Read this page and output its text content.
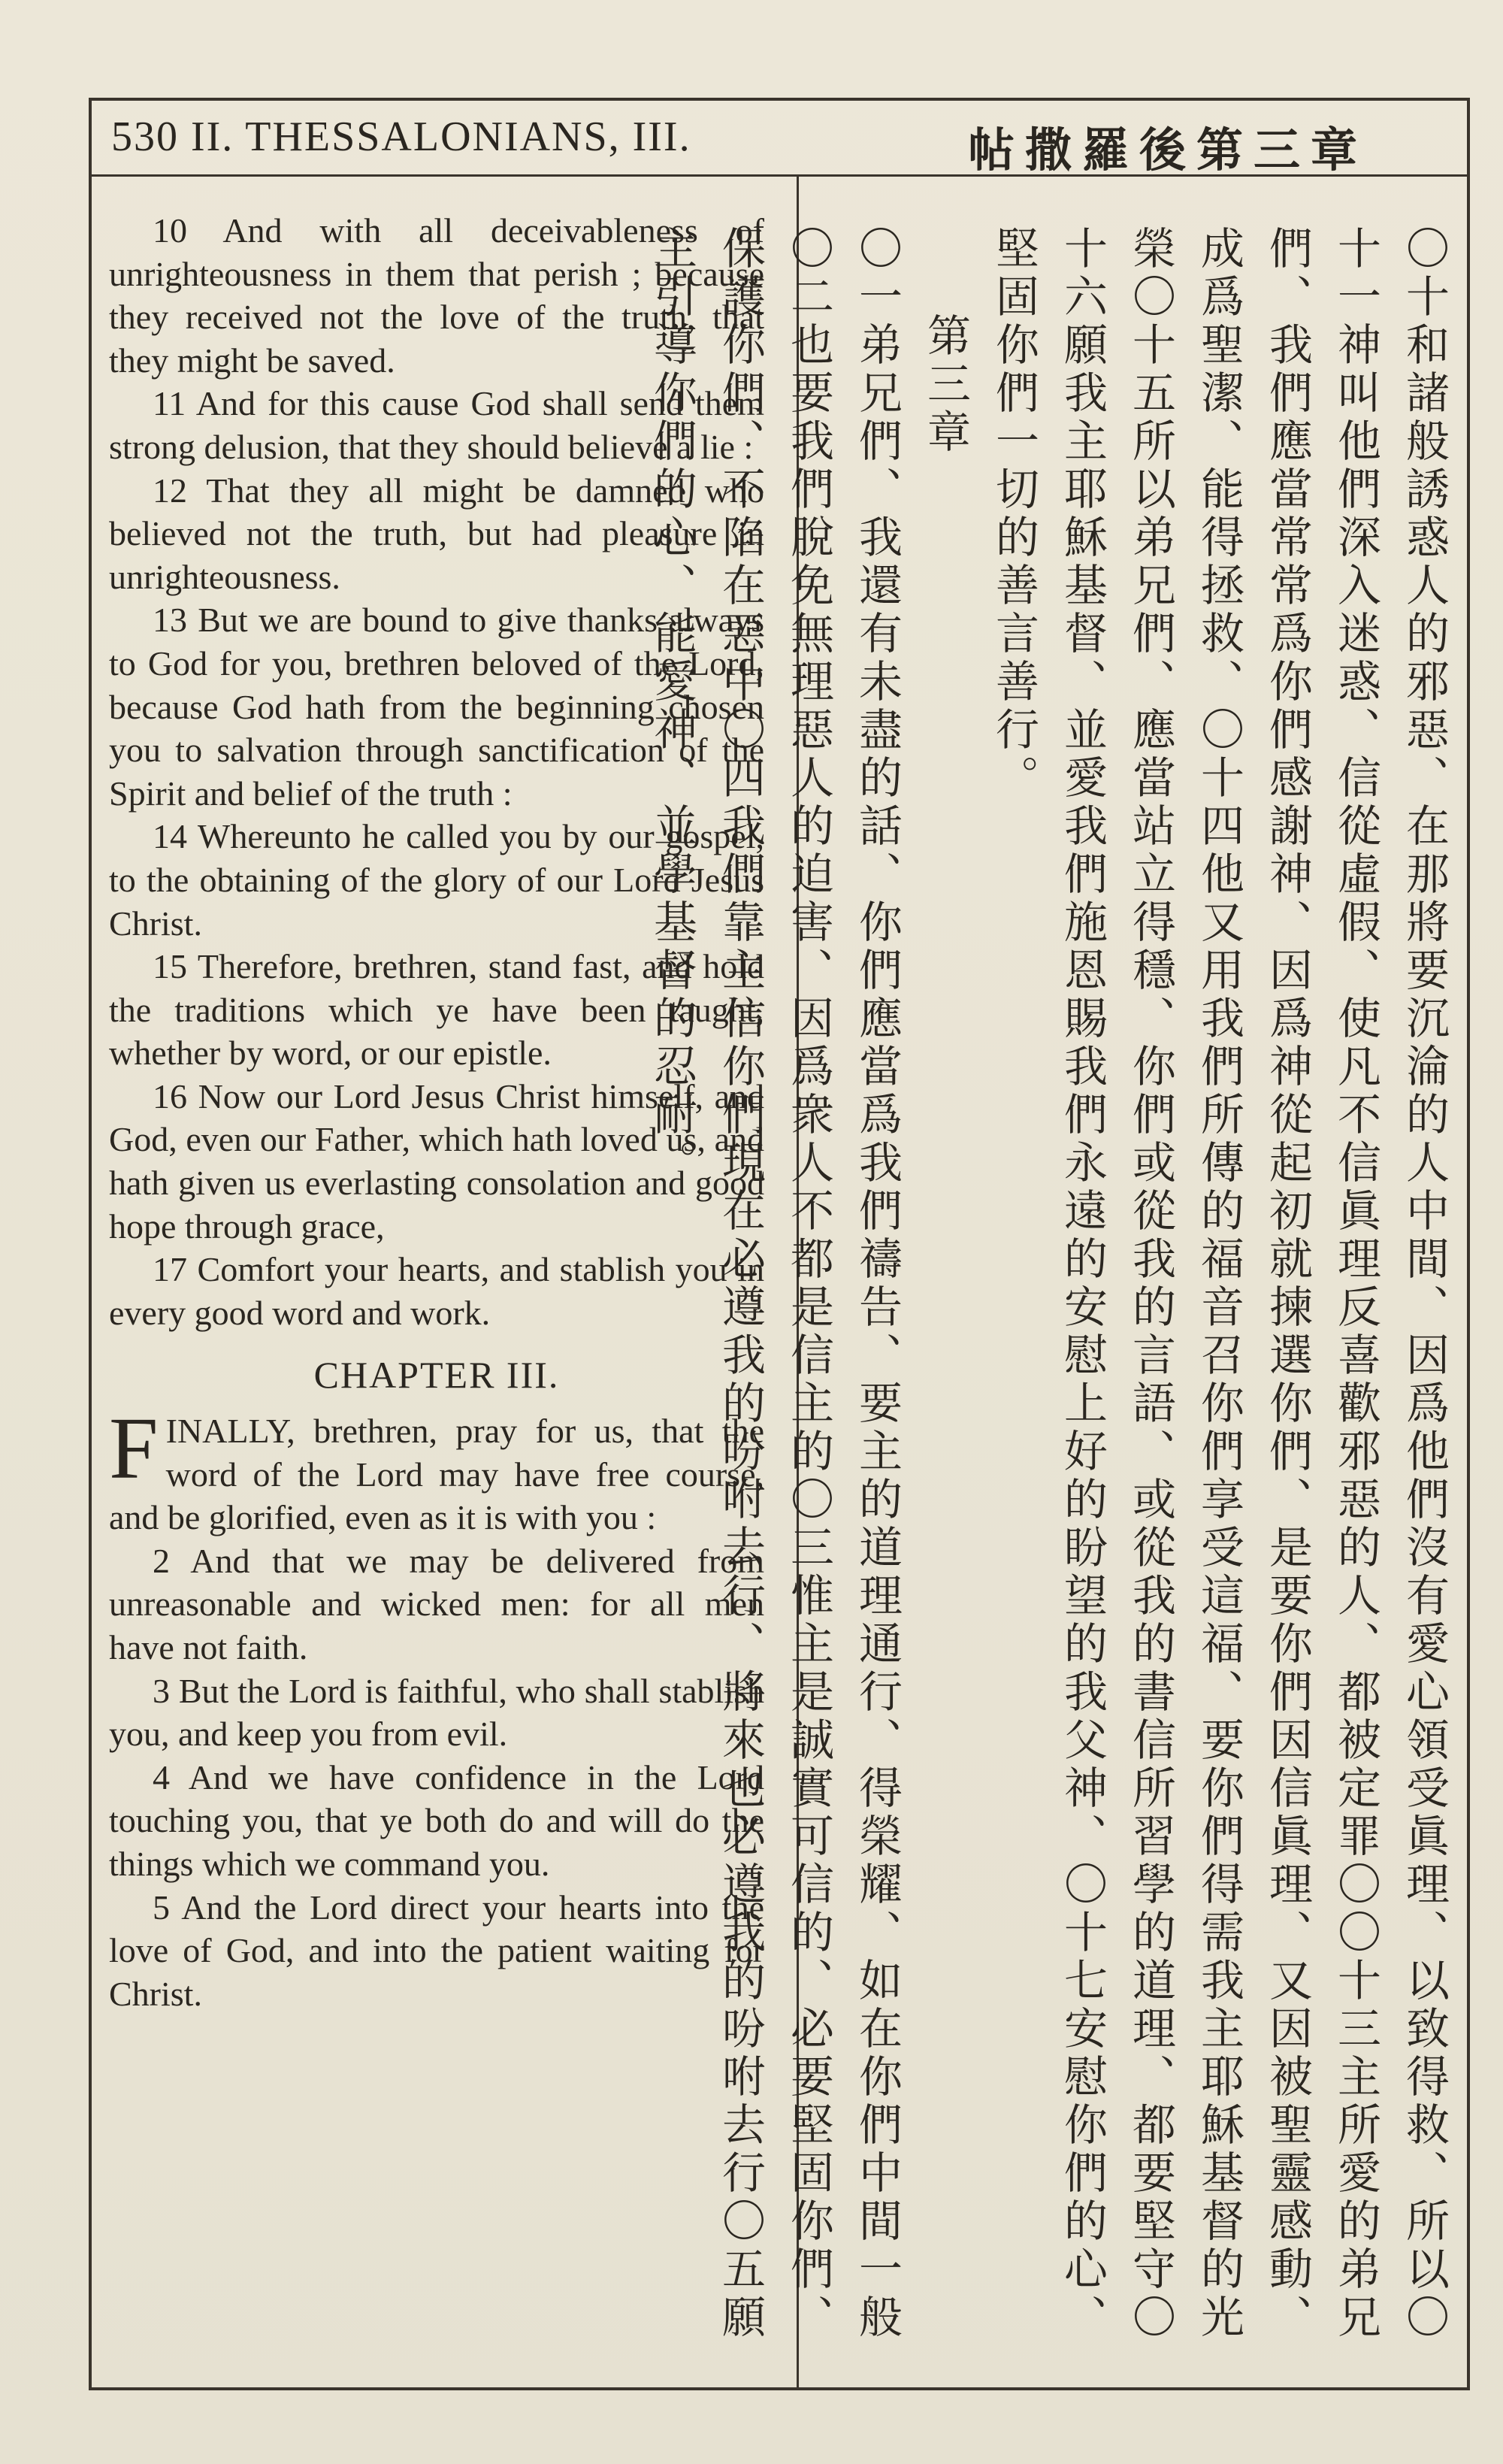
530 II. THESSALONIANS, III.	帖撒羅後第三章

10 And with all deceivableness of unrighteousness in them that perish ; because they received not the love of the truth, that they might be saved.

11 And for this cause God shall send them strong delusion, that they should believe a lie :

12 That they all might be damned who believed not the truth, but had pleasure in unrighteousness.

13 But we are bound to give thanks always to God for you, brethren beloved of the Lord, because God hath from the beginning chosen you to salvation through sanctification of the Spirit and belief of the truth :

14 Whereunto he called you by our gospel, to the obtaining of the glory of our Lord Jesus Christ.

15 Therefore, brethren, stand fast, and hold the traditions which ye have been taught, whether by word, or our epistle.

16 Now our Lord Jesus Christ himself, and God, even our Father, which hath loved us, and hath given us everlasting consolation and good hope through grace,

17 Comfort your hearts, and stablish you in every good word and work.

CHAPTER III.

FINALLY, brethren, pray for us, that the word of the Lord may have free course, and be glorified, even as it is with you :

2 And that we may be delivered from unreasonable and wicked men: for all men have not faith.

3 But the Lord is faithful, who shall stablish you, and keep you from evil.

4 And we have confidence in the Lord touching you, that ye both do and will do the things which we command you.

5 And the Lord direct your hearts into the love of God, and into the patient waiting for Christ.	〇十和諸般誘惑人的邪惡、在那將要沉淪的人中間、因爲他們沒有愛心領受眞理、以致得救、所以〇十一神叫他們深入迷惑、信從虛假、使凡不信眞理反喜歡邪惡的人、都被定罪〇〇十三主所愛的弟兄們、我們應當常常爲你們感謝神、因爲神從起初就揀選你們、是要你們因信眞理、又因被聖靈感動、成爲聖潔、能得拯救、〇十四他又用我們所傳的福音召你們享受這福、要你們得需我主耶穌基督的光榮〇十五所以弟兄們、應當站立得穩、你們或從我的言語、或從我的書信所習學的道理、都要堅守〇十六願我主耶穌基督、並愛我們施恩賜我們永遠的安慰上好的盼望的我父神、〇十七安慰你們的心、堅固你們一切的善言善行。

第三章

〇一弟兄們、我還有未盡的話、你們應當爲我們禱告、要主的道理通行、得榮耀、如在你們中間一般〇二也要我們脫免無理惡人的迫害、因爲衆人不都是信主的〇三惟主是誠實可信的、必要堅固你們、保護你們、不陷在惡中〇四我們靠主信你們現在必遵我的吩咐去行、將來也必遵我的吩咐去行〇五願主引導你們的心、能愛神、並學基督的忍耐。
